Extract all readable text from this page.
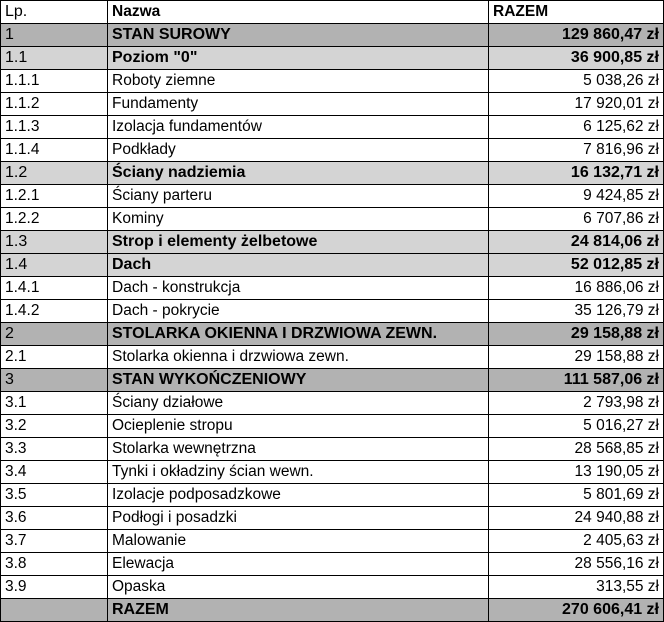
Lp.	Nazwa	RAZEM
1	STAN SUROWY	129 860,47 zł
1.1	Poziom "0"	36 900,85 zł
1.1.1	Roboty ziemne	5 038,26 zł
1.1.2	Fundamenty	17 920,01 zł
1.1.3	Izolacja fundamentów	6 125,62 zł
1.1.4	Podkłady	7 816,96 zł
1.2	Ściany nadziemia	16 132,71 zł
1.2.1	Ściany parteru	9 424,85 zł
1.2.2	Kominy	6 707,86 zł
1.3	Strop i elementy żelbetowe	24 814,06 zł
1.4	Dach	52 012,85 zł
1.4.1	Dach - konstrukcja	16 886,06 zł
1.4.2	Dach - pokrycie	35 126,79 zł
2	STOLARKA OKIENNA I DRZWIOWA ZEWN.	29 158,88 zł
2.1	Stolarka okienna i drzwiowa zewn.	29 158,88 zł
3	STAN WYKOŃCZENIOWY	111 587,06 zł
3.1	Ściany działowe	2 793,98 zł
3.2	Ocieplenie stropu	5 016,27 zł
3.3	Stolarka wewnętrzna	28 568,85 zł
3.4	Tynki i okładziny ścian wewn.	13 190,05 zł
3.5	Izolacje podposadzkowe	5 801,69 zł
3.6	Podłogi i posadzki	24 940,88 zł
3.7	Malowanie	2 405,63 zł
3.8	Elewacja	28 556,16 zł
3.9	Opaska	313,55 zł
	RAZEM	270 606,41 zł
